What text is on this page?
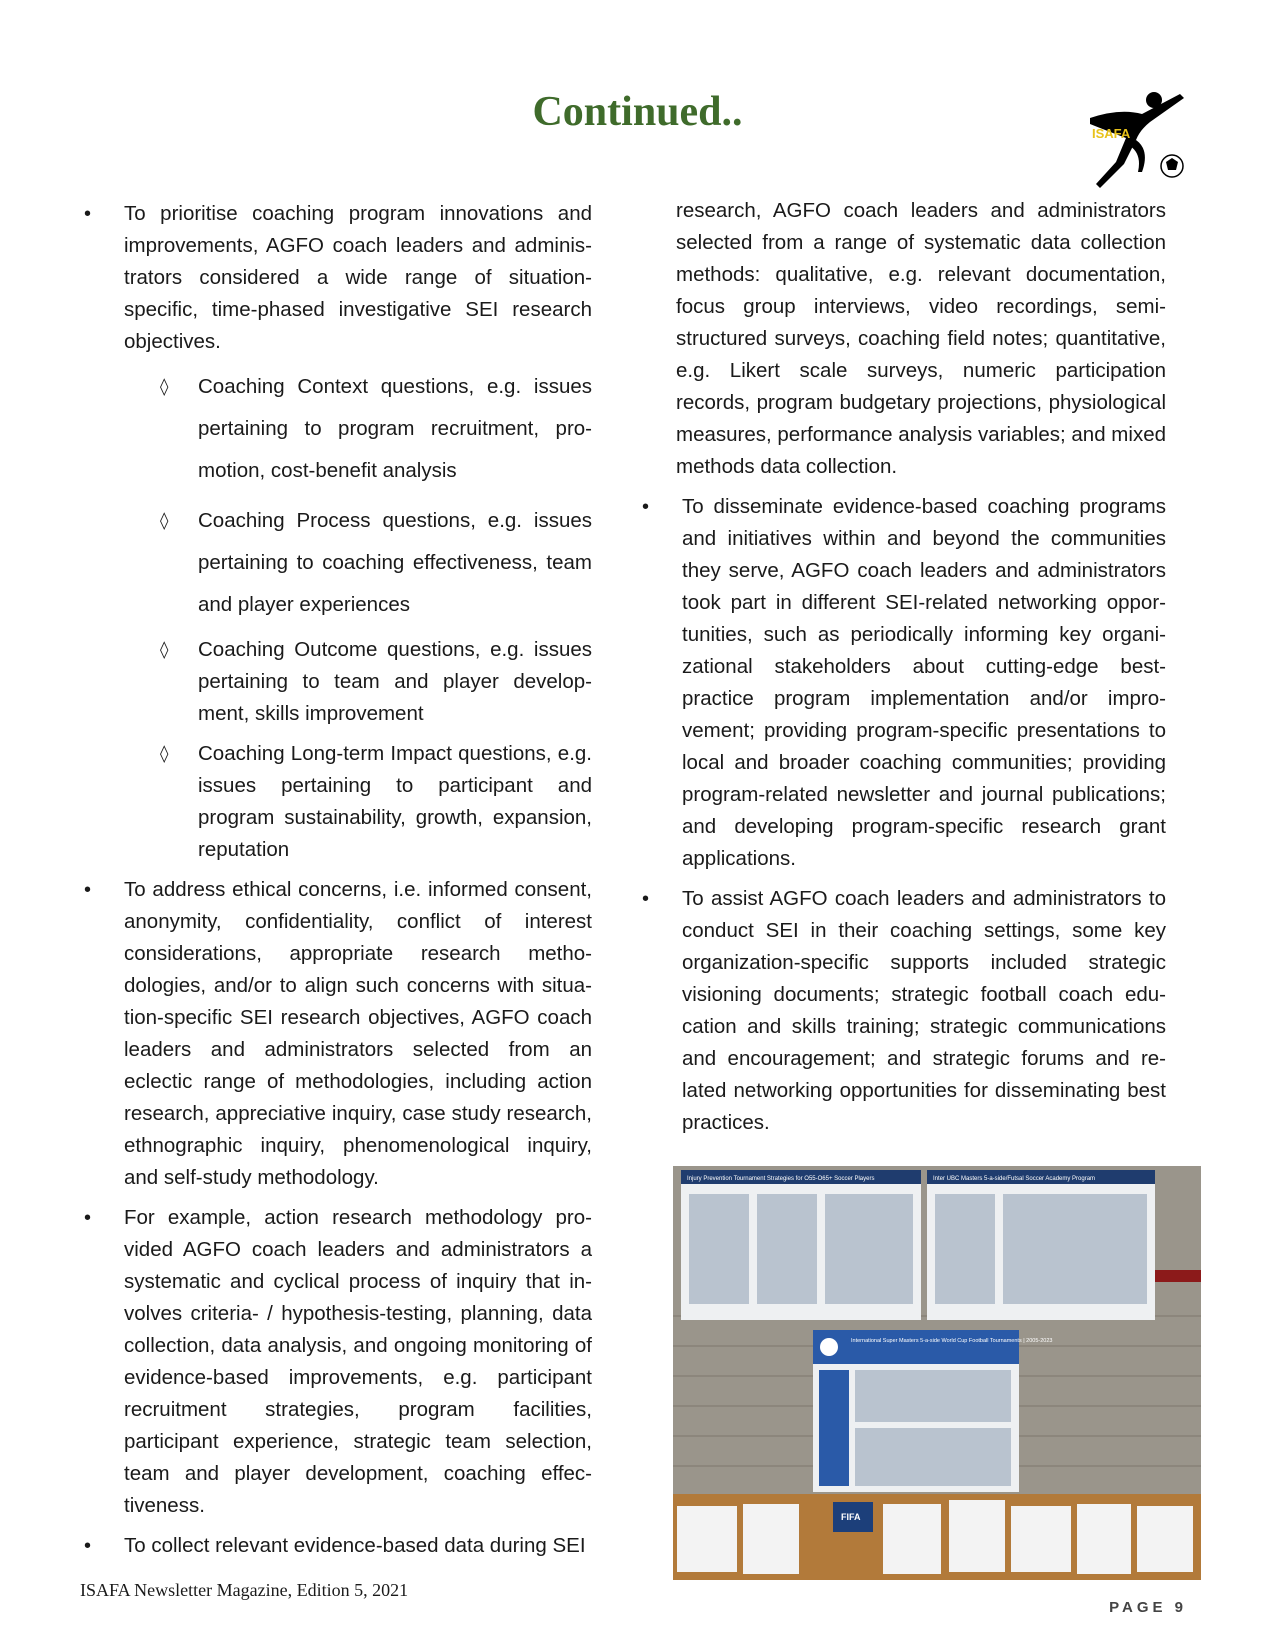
Continued..	ISAFA
• To prioritise coaching program innovations and improvements, AGFO coach leaders and administrators considered a wide range of situation-specific, time-phased investigative SEI research objectives.
◊ Coaching Context questions, e.g. issues pertaining to program recruitment, promotion, cost-benefit analysis
◊ Coaching Process questions, e.g. issues pertaining to coaching effectiveness, team and player experiences
◊ Coaching Outcome questions, e.g. issues pertaining to team and player development, skills improvement
◊ Coaching Long-term Impact questions, e.g. issues pertaining to participant and program sustainability, growth, expansion, reputation
• To address ethical concerns, i.e. informed consent, anonymity, confidentiality, conflict of interest considerations, appropriate research methodologies, and/or to align such concerns with situation-specific SEI research objectives, AGFO coach leaders and administrators selected from an eclectic range of methodologies, including action research, appreciative inquiry, case study research, ethnographic inquiry, phenomenological inquiry, and self-study methodology.
• For example, action research methodology provided AGFO coach leaders and administrators a systematic and cyclical process of inquiry that involves criteria- / hypothesis-testing, planning, data collection, data analysis, and ongoing monitoring of evidence-based improvements, e.g. participant recruitment strategies, program facilities, participant experience, strategic team selection, team and player development, coaching effectiveness.
• To collect relevant evidence-based data during SEI
research, AGFO coach leaders and administrators selected from a range of systematic data collection methods: qualitative, e.g. relevant documentation, focus group interviews, video recordings, semi-structured surveys, coaching field notes; quantitative, e.g. Likert scale surveys, numeric participation records, program budgetary projections, physiological measures, performance analysis variables; and mixed methods data collection.
• To disseminate evidence-based coaching programs and initiatives within and beyond the communities they serve, AGFO coach leaders and administrators took part in different SEI-related networking opportunities, such as periodically informing key organizational stakeholders about cutting-edge best-practice program implementation and/or improvement; providing program-specific presentations to local and broader coaching communities; providing program-related newsletter and journal publications; and developing program-specific research grant applications.
• To assist AGFO coach leaders and administrators to conduct SEI in their coaching settings, some key organization-specific supports included strategic visioning documents; strategic football coach education and skills training; strategic communications and encouragement; and strategic forums and related networking opportunities for disseminating best practices.
Injury Prevention Tournament Strategies for O55-O65+ Soccer Players	Inter UBC Masters 5-a-side/Futsal Soccer Academy Program
International Super Masters 5-a-side World Cup Football Tournaments | 2005-2023
FIFA
ISAFA Newsletter Magazine, Edition 5, 2021
PAGE 9
